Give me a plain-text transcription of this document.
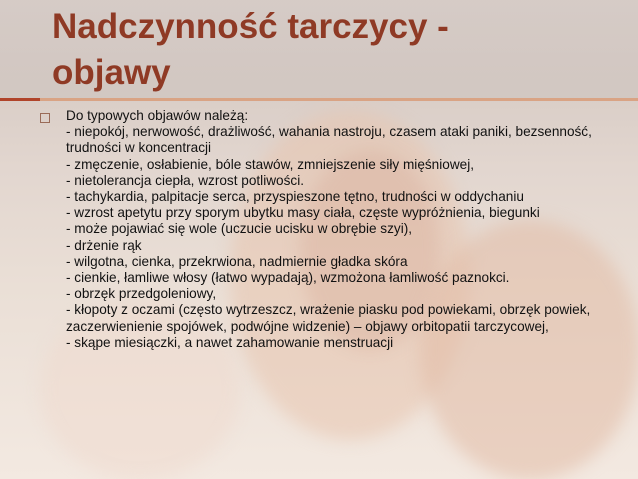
Nadczynność tarczycy -
objawy

Do typowych objawów należą:
- niepokój, nerwowość, drażliwość, wahania nastroju, czasem ataki paniki, bezsenność, trudności w koncentracji
- zmęczenie, osłabienie, bóle stawów, zmniejszenie siły mięśniowej,
- nietolerancja ciepła, wzrost potliwości.
- tachykardia, palpitacje serca, przyspieszone tętno, trudności w oddychaniu
- wzrost apetytu przy sporym ubytku masy ciała, częste wypróżnienia, biegunki
- może pojawiać się wole (uczucie ucisku w obrębie szyi),
- drżenie rąk
- wilgotna, cienka, przekrwiona, nadmiernie gładka skóra
- cienkie, łamliwe włosy (łatwo wypadają), wzmożona łamliwość paznokci.
- obrzęk przedgoleniowy,
- kłopoty z oczami (często wytrzeszcz, wrażenie piasku pod powiekami, obrzęk powiek, zaczerwienienie spojówek, podwójne widzenie) – objawy orbitopatii tarczycowej,
- skąpe miesiączki, a nawet zahamowanie menstruacji
